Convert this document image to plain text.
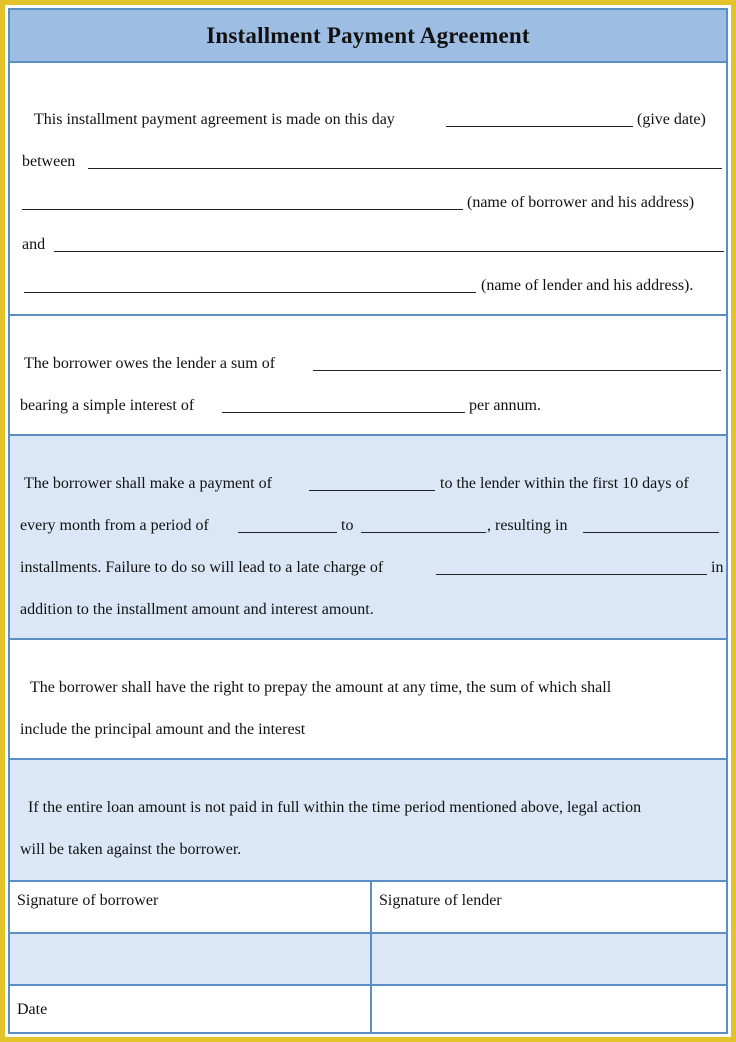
Installment Payment Agreement
This installment payment agreement is made on this day	(give date)
between
(name of borrower and his address)
and
(name of lender and his address).
The borrower owes the lender a sum of
bearing a simple interest of	per annum.
The borrower shall make a payment of	to the lender within the first 10 days of
every month from a period of	to	, resulting in
installments. Failure to do so will lead to a late charge of	in
addition to the installment amount and interest amount.
The borrower shall have the right to prepay the amount at any time, the sum of which shall
include the principal amount and the interest
If the entire loan amount is not paid in full within the time period mentioned above, legal action
will be taken against the borrower.
Signature of borrower	Signature of lender
Date
